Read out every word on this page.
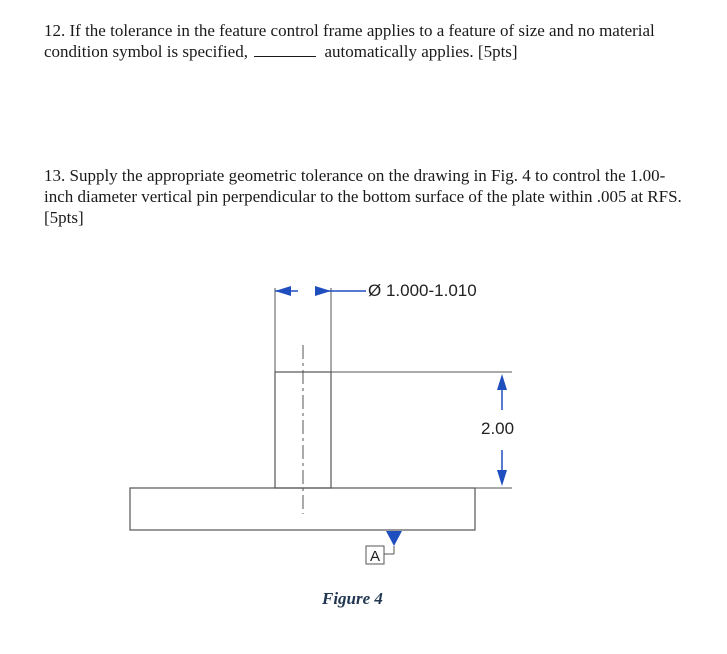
12. If the tolerance in the feature control frame applies to a feature of size and no material condition symbol is specified,	automatically applies. [5pts]

13. Supply the appropriate geometric tolerance on the drawing in Fig. 4 to control the 1.00-inch diameter vertical pin perpendicular to the bottom surface of the plate within .005 at RFS. [5pts]

Ø 1.000-1.010
2.00
A
Figure 4
